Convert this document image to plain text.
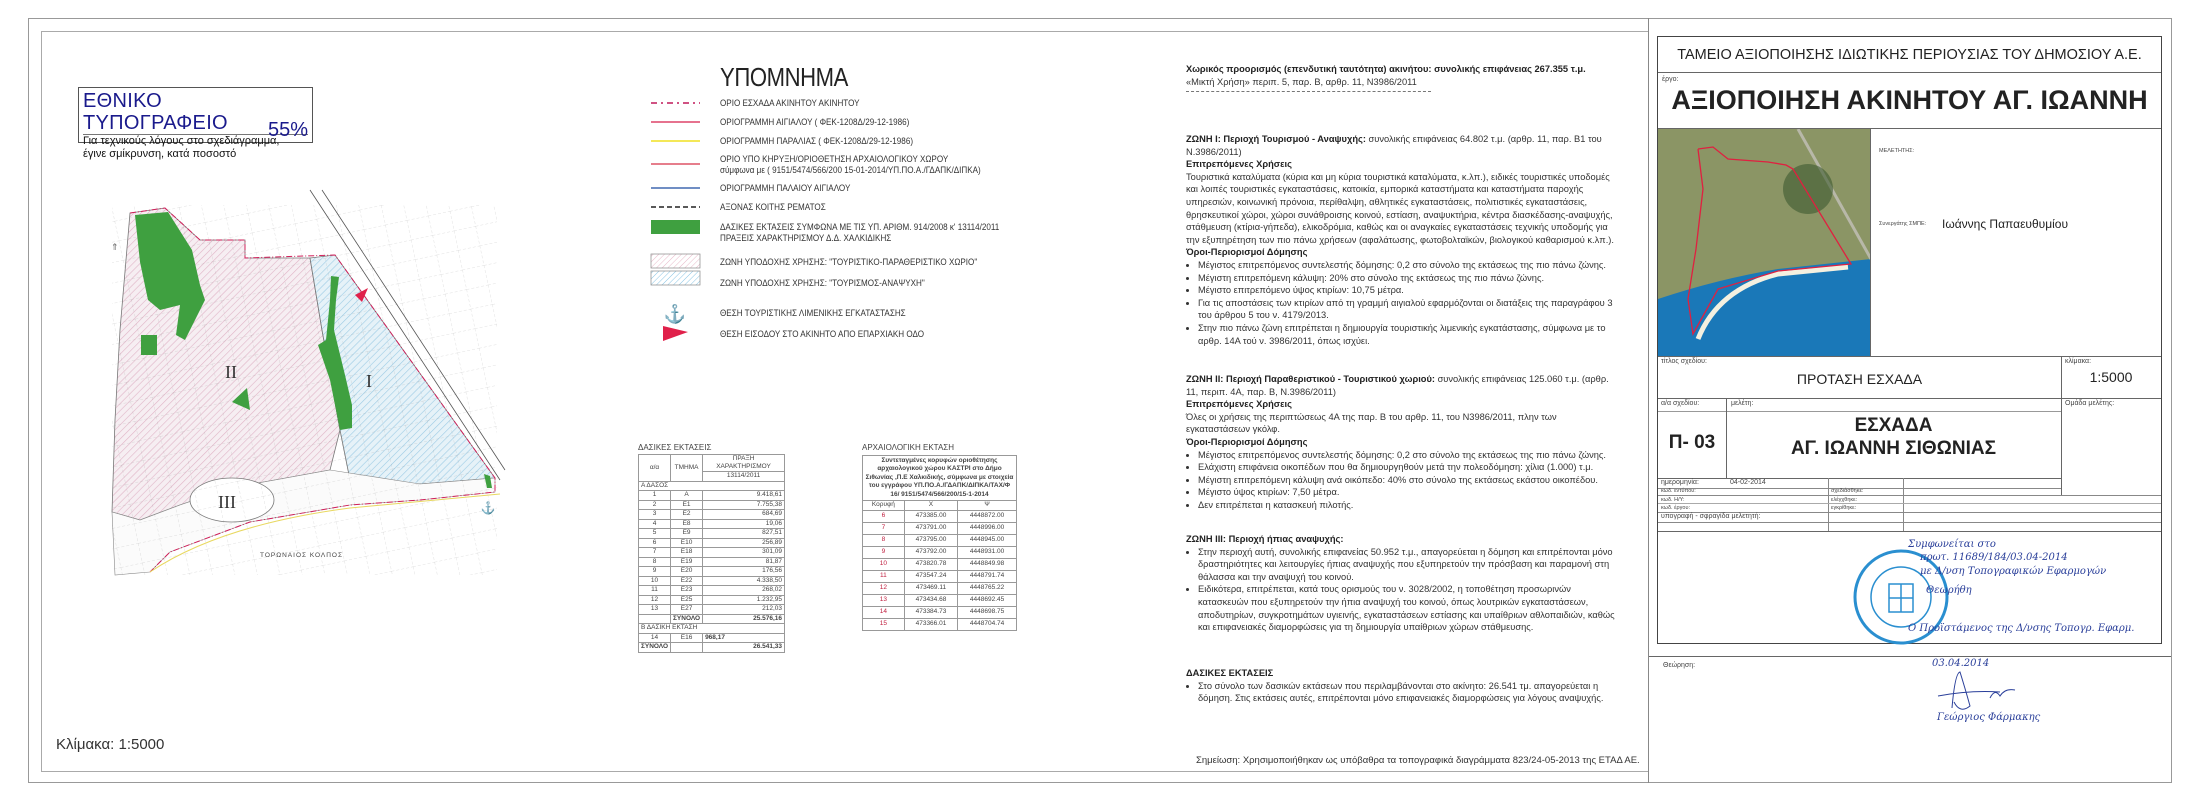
ΕΘΝΙΚΟ ΤΥΠΟΓΡΑΦΕΙΟ
Για τεχνικούς λόγους στο σχεδιάγραμμα,
έγινε σμίκρυνση, κατά ποσοστό
55%
⚓
⇑
II	I
III
ΤΟΡΩΝΑΙΟΣ ΚΟΛΠΟΣ
Κλίμακα: 1:5000
ΥΠΟΜΝΗΜΑ
⚓
ΟΡΙΟ ΕΣΧΑΔΑ ΑΚΙΝΗΤΟΥ ΑΚΙΝΗΤΟΥ
ΟΡΙΟΓΡΑΜΜΗ ΑΙΓΙΑΛΟΥ ( ΦΕΚ-1208Δ/29-12-1986)
ΟΡΙΟΓΡΑΜΜΗ ΠΑΡΑΛΙΑΣ ( ΦΕΚ-1208Δ/29-12-1986)
ΟΡΙΟ ΥΠΟ ΚΗΡΥΞΗ/ΟΡΙΟΘΕΤΗΣΗ ΑΡΧΑΙΟΛΟΓΙΚΟΥ ΧΩΡΟΥ
σύμφωνα με ( 9151/5474/566/200 15-01-2014/ΥΠ.ΠΟ.Α./ΓΔΑΠΚ/ΔΙΠΚΑ)
ΟΡΙΟΓΡΑΜΜΗ ΠΑΛΑΙΟΥ ΑΙΓΙΑΛΟΥ
ΑΞΟΝΑΣ ΚΟΙΤΗΣ ΡΕΜΑΤΟΣ
ΔΑΣΙΚΕΣ ΕΚΤΑΣΕΙΣ ΣΥΜΦΩΝΑ ΜΕ ΤΙΣ ΥΠ. ΑΡΙΘΜ. 914/2008 κ' 13114/2011
ΠΡΑΞΕΙΣ ΧΑΡΑΚΤΗΡΙΣΜΟΥ Δ.Δ. ΧΑΛΚΙΔΙΚΗΣ
ΖΩΝΗ ΥΠΟΔΟΧΗΣ ΧΡΗΣΗΣ: "ΤΟΥΡΙΣΤΙΚΟ-ΠΑΡΑΘΕΡΙΣΤΙΚΟ ΧΩΡΙΟ"
ΖΩΝΗ ΥΠΟΔΟΧΗΣ ΧΡΗΣΗΣ: "ΤΟΥΡΙΣΜΟΣ-ΑΝΑΨΥΧΗ"
ΘΕΣΗ ΤΟΥΡΙΣΤΙΚΗΣ ΛΙΜΕΝΙΚΗΣ ΕΓΚΑΤΑΣΤΑΣΗΣ
ΘΕΣΗ ΕΙΣΟΔΟΥ ΣΤΟ ΑΚΙΝΗΤΟ ΑΠΟ ΕΠΑΡΧΙΑΚΗ ΟΔΟ
ΔΑΣΙΚΕΣ ΕΚΤΑΣΕΙΣ
α/α	ΤΜΗΜΑ	ΠΡΑΞΗ ΧΑΡΑΚΤΗΡΙΣΜΟΥ
		13114/2011
Α ΔΑΣΟΣ		
1	Α	9.418,61
2	Ε1	7.755,38
3	Ε2	684,69
4	Ε8	19,06
5	Ε9	827,51
6	Ε10	256,89
7	Ε18	301,09
8	Ε19	81,87
9	Ε20	176,56
10	Ε22	4.338,50
11	Ε23	268,02
12	Ε25	1.232,95
13	Ε27	212,03
	ΣΥΝΟΛΟ	25.576,16
Β ΔΑΣΙΚΗ ΕΚΤΑΣΗ		
14	Ε16	968,17
ΣΥΝΟΛΟ		26.541,33
ΑΡΧΑΙΟΛΟΓΙΚΗ ΕΚΤΑΣΗ
Συντεταγμένες κορυφών οριοθέτησης αρχαιολογικού χώρου ΚΑΣΤΡΙ στο Δήμο Σιθωνίας ,Π.Ε Χαλκιδικής, σύμφωνα με στοιχεία του εγγράφου ΥΠ.ΠΟ.Α./ΓΔΑΠΚ/ΔΙΠΚΑ/ΤΑΧ/Φ 16/ 9151/5474/566/200/15-1-2014		
Κορυφή	Χ	Ψ
6	473385.00	4448872.00
7	473791.00	4448996.00
8	473795.00	4448945.00
9	473792.00	4448931.00
10	473820.78	4448849.98
11	473547.24	4448791.74
12	473469.11	4448765.22
13	473434.68	4448692.45
14	473384.73	4448698.75
15	473366.01	4448704.74
Χωρικός προορισμός (επενδυτική ταυτότητα) ακινήτου: συνολικής επιφάνειας 267.355 τ.μ.
«Μικτή Χρήση» περιπ. 5, παρ. Β, αρθρ. 11, Ν3986/2011
ΖΩΝΗ Ι: Περιοχή Τουρισμού - Αναψυχής: συνολικής επιφάνειας 64.802 τ.μ. (αρθρ. 11, παρ. Β1 του Ν.3986/2011)
Επιτρεπόμενες Χρήσεις
Τουριστικά καταλύματα (κύρια και μη κύρια τουριστικά καταλύματα, κ.λπ.), ειδικές τουριστικές υποδομές και λοιπές τουριστικές εγκαταστάσεις, κατοικία, εμπορικά καταστήματα και καταστήματα παροχής υπηρεσιών, κοινωνική πρόνοια, περίθαλψη, αθλητικές εγκαταστάσεις, πολιτιστικές εγκαταστάσεις, θρησκευτικοί χώροι, χώροι συνάθροισης κοινού, εστίαση, αναψυκτήρια, κέντρα διασκέδασης-αναψυχής, στάθμευση (κτίρια-γήπεδα), ελικοδρόμια, καθώς και οι αναγκαίες εγκαταστάσεις τεχνικής υποδομής για την εξυπηρέτηση των πιο πάνω χρήσεων (αφαλάτωσης, φωτοβολταϊκών, βιολογικού καθαρισμού κ.λπ.).
Όροι-Περιορισμοί Δόμησης
• Μέγιστος επιτρεπόμενος συντελεστής δόμησης: 0,2 στο σύνολο της εκτάσεως της πιο πάνω ζώνης.
• Μέγιστη επιτρεπόμενη κάλυψη: 20% στο σύνολο της εκτάσεως της πιο πάνω ζώνης.
• Μέγιστο επιτρεπόμενο ύψος κτιρίων: 10,75 μέτρα.
• Για τις αποστάσεις των κτιρίων από τη γραμμή αιγιαλού εφαρμόζονται οι διατάξεις της παραγράφου 3 του άρθρου 5 του ν. 4179/2013.
• Στην πιο πάνω ζώνη επιτρέπεται η δημιουργία τουριστικής λιμενικής εγκατάστασης, σύμφωνα με το αρθρ. 14Α τού ν. 3986/2011, όπως ισχύει.
ΖΩΝΗ ΙΙ: Περιοχή Παραθεριστικού - Τουριστικού χωριού: συνολικής επιφάνειας 125.060 τ.μ. (αρθρ. 11, περιπ. 4Α, παρ. Β, Ν.3986/2011)
Επιτρεπόμενες Χρήσεις
Όλες οι χρήσεις της περιπτώσεως 4Α της παρ. Β του αρθρ. 11, του Ν3986/2011, πλην των εγκαταστάσεων γκόλφ.
Όροι-Περιορισμοί Δόμησης
• Μέγιστος επιτρεπόμενος συντελεστής δόμησης: 0,2 στο σύνολο της εκτάσεως της πιο πάνω ζώνης.
• Ελάχιστη επιφάνεια οικοπέδων που θα δημιουργηθούν μετά την πολεοδόμηση: χίλια (1.000) τ.μ.
• Μέγιστη επιτρεπόμενη κάλυψη ανά οικόπεδο: 40% στο σύνολο της εκτάσεως εκάστου οικοπέδου.
• Μέγιστο ύψος κτιρίων: 7,50 μέτρα.
• Δεν επιτρέπεται η κατασκευή πιλοτής.
ΖΩΝΗ ΙΙΙ: Περιοχή ήπιας αναψυχής:
• Στην περιοχή αυτή, συνολικής επιφανείας 50.952 τ.μ., απαγορεύεται η δόμηση και επιτρέπονται μόνο δραστηριότητες και λειτουργίες ήπιας αναψυχής που εξυπηρετούν την πρόσβαση και παραμονή στη θάλασσα και την αναψυχή του κοινού.
• Ειδικότερα, επιτρέπεται, κατά τους ορισμούς του ν. 3028/2002, η τοποθέτηση προσωρινών κατασκευών που εξυπηρετούν την ήπια αναψυχή του κοινού, όπως λουτρικών εγκαταστάσεων, αποδυτηρίων, συγκροτημάτων υγιεινής, εγκαταστάσεων εστίασης και υπαίθριων αθλοπαιδιών, καθώς και επιφανειακές διαμορφώσεις για τη δημιουργία υπαίθριων χώρων στάθμευσης.
ΔΑΣΙΚΕΣ ΕΚΤΑΣΕΙΣ
• Στο σύνολο των δασικών εκτάσεων που περιλαμβάνονται στο ακίνητο: 26.541 τμ. απαγορεύεται η δόμηση. Στις εκτάσεις αυτές, επιτρέπονται μόνο επιφανειακές διαμορφώσεις για λόγους αναψυχής.
Σημείωση: Χρησιμοποιήθηκαν ως υπόβαθρα τα τοπογραφικά διαγράμματα 823/24-05-2013 της ΕΤΑΔ ΑΕ.
ΤΑΜΕΙΟ ΑΞΙΟΠΟΙΗΣΗΣ ΙΔΙΩΤΙΚΗΣ ΠΕΡΙΟΥΣΙΑΣ ΤΟΥ ΔΗΜΟΣΙΟΥ Α.Ε.
έργο:
ΑΞΙΟΠΟΙΗΣΗ ΑΚΙΝΗΤΟΥ ΑΓ. ΙΩΑΝΝΗ
ΜΕΛΕΤΗΤΗΣ:
Συνεργάτης ΣΜΠΕ: Ιωάννης Παπαευθυμίου
τίτλος σχεδίου:
ΠΡΟΤΑΣΗ ΕΣΧΑΔΑ
κλίμακα:
1:5000
α/α σχεδίου:	μελέτη:	Ομάδα μελέτης:
Π- 03
ΕΣΧΑΔΑ
ΑΓ. ΙΩΑΝΝΗ ΣΙΘΩΝΙΑΣ
ημερομηνία:	04-02-2014
κωδ. εντύπου:
κωδ. Η/Υ:
κωδ. έργου:
σχεδιάσθηκε:
ελέγχθηκε:
εγκρίθηκε:
υπογραφή - σφραγίδα μελετητή:
Συμφωνείται στο
πρωτ. 11689/184/03.04-2014
με Δ/νση Τοπογραφικών Εφαρμογών
Θεωρήθη
Ο Προϊστάμενος της Δ/νσης Τοπογρ. Εφαρμ.
Θεώρηση:	03.04.2014
Γεώργιος Φάρμακης
